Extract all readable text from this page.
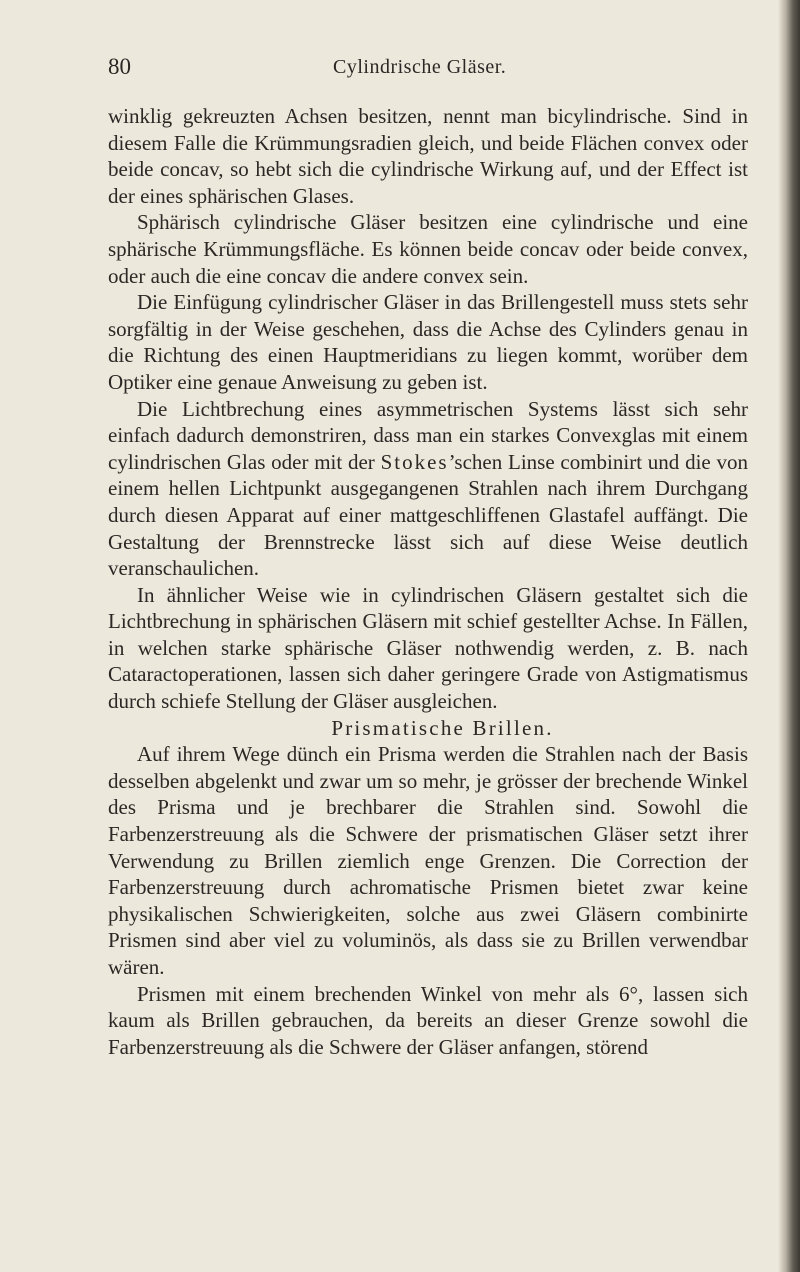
80	Cylindrische Gläser.

winklig gekreuzten Achsen besitzen, nennt man bicylindrische. Sind in diesem Falle die Krümmungsradien gleich, und beide Flächen convex oder beide concav, so hebt sich die cylindrische Wirkung auf, und der Effect ist der eines sphärischen Glases.

Sphärisch cylindrische Gläser besitzen eine cylindrische und eine sphärische Krümmungsfläche. Es können beide concav oder beide convex, oder auch die eine concav die andere convex sein.

Die Einfügung cylindrischer Gläser in das Brillengestell muss stets sehr sorgfältig in der Weise geschehen, dass die Achse des Cylinders genau in die Richtung des einen Hauptmeridians zu liegen kommt, worüber dem Optiker eine genaue Anweisung zu geben ist.

Die Lichtbrechung eines asymmetrischen Systems lässt sich sehr einfach dadurch demonstriren, dass man ein starkes Convexglas mit einem cylindrischen Glas oder mit der Stokes’schen Linse combinirt und die von einem hellen Lichtpunkt ausgegangenen Strahlen nach ihrem Durchgang durch diesen Apparat auf einer mattgeschliffenen Glastafel auffängt. Die Gestaltung der Brennstrecke lässt sich auf diese Weise deutlich veranschaulichen.

In ähnlicher Weise wie in cylindrischen Gläsern gestaltet sich die Lichtbrechung in sphärischen Gläsern mit schief gestellter Achse. In Fällen, in welchen starke sphärische Gläser nothwendig werden, z. B. nach Cataractoperationen, lassen sich daher geringere Grade von Astigmatismus durch schiefe Stellung der Gläser ausgleichen.

Prismatische Brillen.

Auf ihrem Wege dünch ein Prisma werden die Strahlen nach der Basis desselben abgelenkt und zwar um so mehr, je grösser der brechende Winkel des Prisma und je brechbarer die Strahlen sind. Sowohl die Farbenzerstreuung als die Schwere der prismatischen Gläser setzt ihrer Verwendung zu Brillen ziemlich enge Grenzen. Die Correction der Farbenzerstreuung durch achromatische Prismen bietet zwar keine physikalischen Schwierigkeiten, solche aus zwei Gläsern combinirte Prismen sind aber viel zu voluminös, als dass sie zu Brillen verwendbar wären.

Prismen mit einem brechenden Winkel von mehr als 6°, lassen sich kaum als Brillen gebrauchen, da bereits an dieser Grenze sowohl die Farbenzerstreuung als die Schwere der Gläser anfangen, störend
